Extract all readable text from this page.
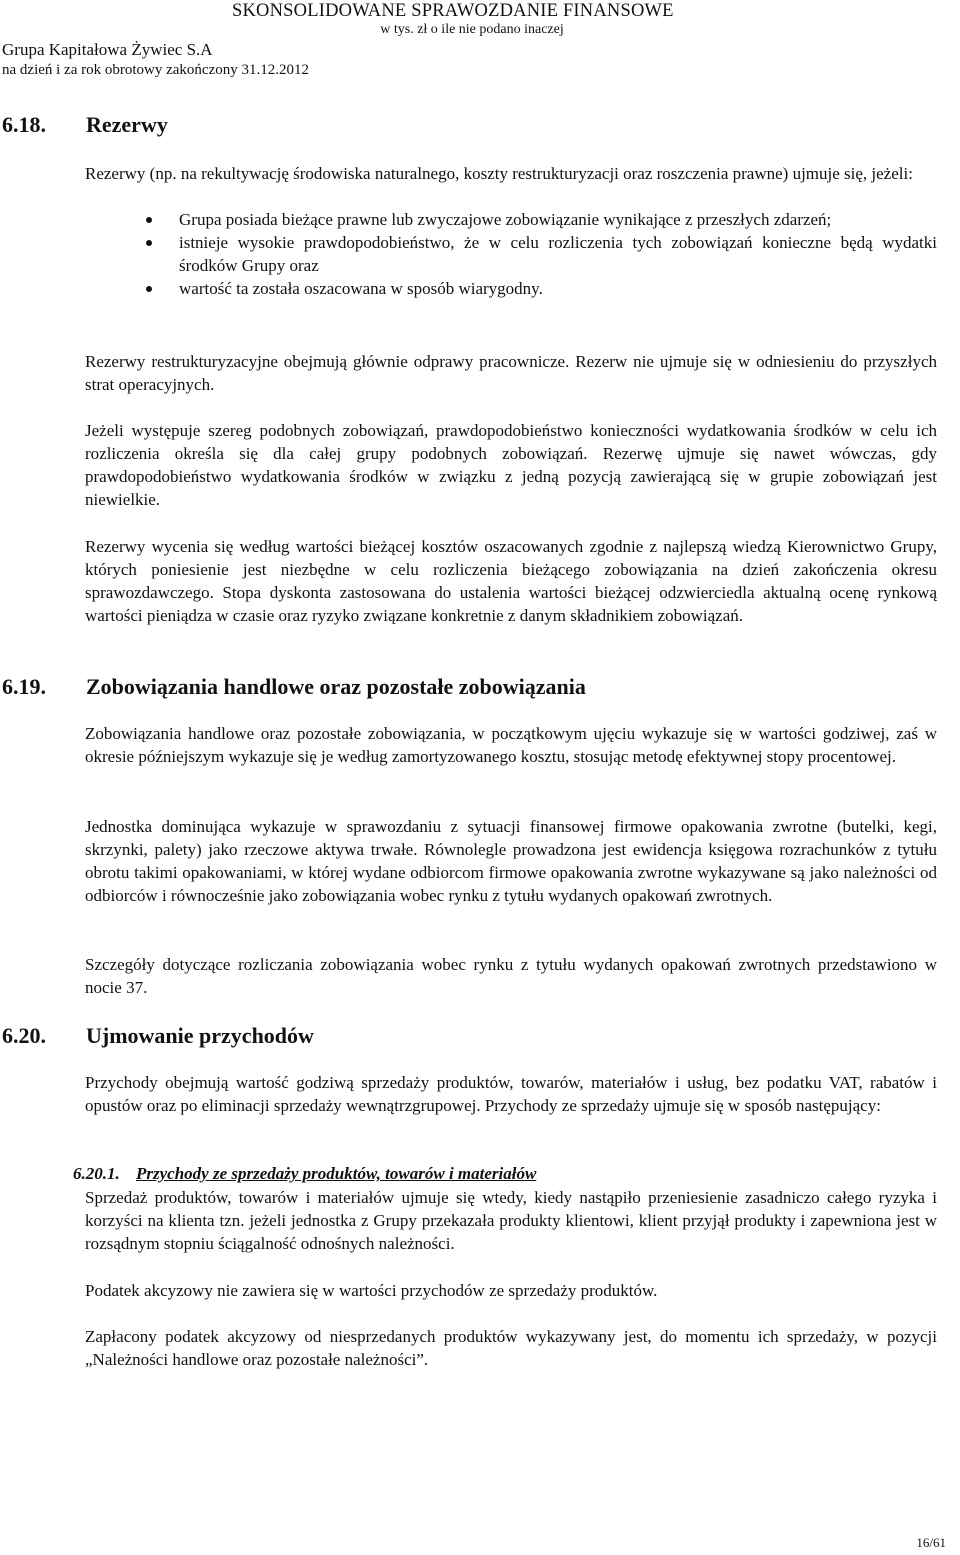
SKONSOLIDOWANE SPRAWOZDANIE FINANSOWE
w tys. zł o ile nie podano inaczej
Grupa Kapitałowa Żywiec S.A
na dzień i za rok obrotowy zakończony 31.12.2012
6.18. Rezerwy
Rezerwy (np. na rekultywację środowiska naturalnego, koszty restrukturyzacji oraz roszczenia prawne) ujmuje się, jeżeli:
Grupa posiada bieżące prawne lub zwyczajowe zobowiązanie wynikające z przeszłych zdarzeń;
istnieje wysokie prawdopodobieństwo, że w celu rozliczenia tych zobowiązań konieczne będą wydatki środków Grupy oraz
wartość ta została oszacowana w sposób wiarygodny.
Rezerwy restrukturyzacyjne obejmują głównie odprawy pracownicze. Rezerw nie ujmuje się w odniesieniu do przyszłych strat operacyjnych.
Jeżeli występuje szereg podobnych zobowiązań, prawdopodobieństwo konieczności wydatkowania środków w celu ich rozliczenia określa się dla całej grupy podobnych zobowiązań. Rezerwę ujmuje się nawet wówczas, gdy prawdopodobieństwo wydatkowania środków w związku z jedną pozycją zawierającą się w grupie zobowiązań jest niewielkie.
Rezerwy wycenia się według wartości bieżącej kosztów oszacowanych zgodnie z najlepszą wiedzą Kierownictwo Grupy, których poniesienie jest niezbędne w celu rozliczenia bieżącego zobowiązania na dzień zakończenia okresu sprawozdawczego. Stopa dyskonta zastosowana do ustalenia wartości bieżącej odzwierciedla aktualną ocenę rynkową wartości pieniądza w czasie oraz ryzyko związane konkretnie z danym składnikiem zobowiązań.
6.19. Zobowiązania handlowe oraz pozostałe zobowiązania
Zobowiązania handlowe oraz pozostałe zobowiązania, w początkowym ujęciu wykazuje się w wartości godziwej, zaś w okresie późniejszym wykazuje się je według zamortyzowanego kosztu, stosując metodę efektywnej stopy procentowej.
Jednostka dominująca wykazuje w sprawozdaniu z sytuacji finansowej firmowe opakowania zwrotne (butelki, kegi, skrzynki, palety) jako rzeczowe aktywa trwałe. Równolegle prowadzona jest ewidencja księgowa rozrachunków z tytułu obrotu takimi opakowaniami, w której wydane odbiorcom firmowe opakowania zwrotne wykazywane są jako należności od odbiorców i równocześnie jako zobowiązania wobec rynku z tytułu wydanych opakowań zwrotnych.
Szczegóły dotyczące rozliczania zobowiązania wobec rynku z tytułu wydanych opakowań zwrotnych przedstawiono w nocie 37.
6.20. Ujmowanie przychodów
Przychody obejmują wartość godziwą sprzedaży produktów, towarów, materiałów i usług, bez podatku VAT, rabatów i opustów oraz po eliminacji sprzedaży wewnątrzgrupowej. Przychody ze sprzedaży ujmuje się w sposób następujący:
6.20.1. Przychody ze sprzedaży produktów, towarów i materiałów
Sprzedaż produktów, towarów i materiałów ujmuje się wtedy, kiedy nastąpiło przeniesienie zasadniczo całego ryzyka i korzyści na klienta tzn. jeżeli jednostka z Grupy przekazała produkty klientowi, klient przyjął produkty i zapewniona jest w rozsądnym stopniu ściągalność odnośnych należności.
Podatek akcyzowy nie zawiera się w wartości przychodów ze sprzedaży produktów.
Zapłacony podatek akcyzowy od niesprzedanych produktów wykazywany jest, do momentu ich sprzedaży, w pozycji „Należności handlowe oraz pozostałe należności”.
16/61
